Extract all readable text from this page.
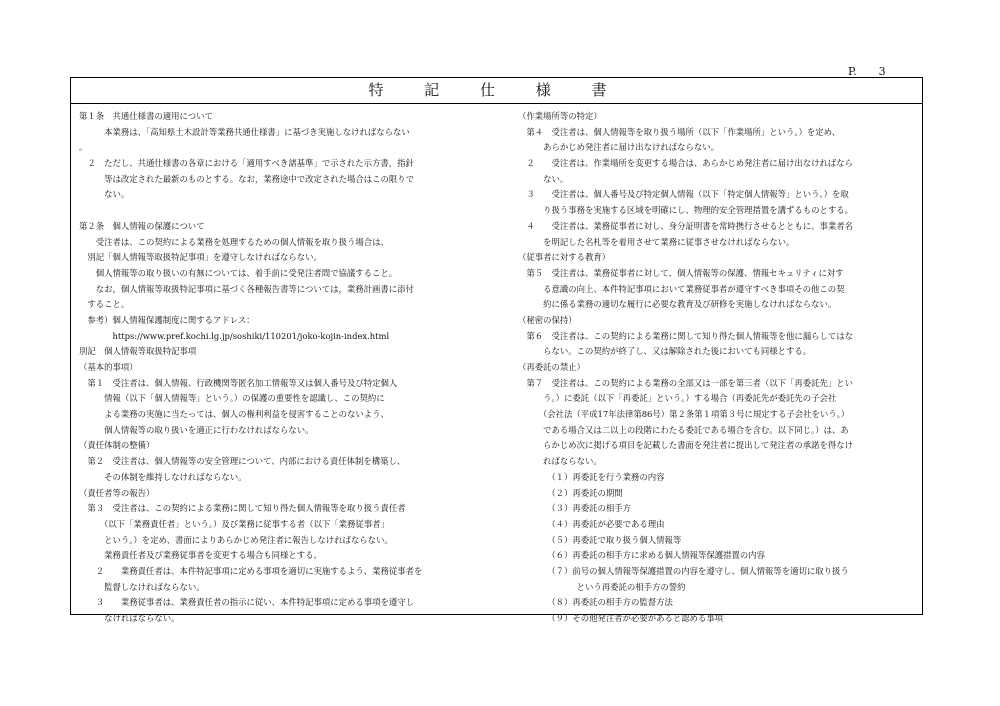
P.　　3
特 記 仕 様 書
第１条　共通仕様書の適用について
　　　本業務は、「高知県土木設計等業務共通仕様書」に基づき実施しなければならない
。
　２　ただし、共通仕様書の各章における「適用すべき諸基準」で示された示方書，指針
　　　等は改定された最新のものとする。なお，業務途中で改定された場合はこの限りで
　　　ない。
第２条　個人情報の保護について
　　受注者は、この契約による業務を処理するための個人情報を取り扱う場合は、
　別記「個人情報等取扱特記事項」を遵守しなければならない。
　　個人情報等の取り扱いの有無については、着手前に受発注者間で協議すること。
　　なお，個人情報等取扱特記事項に基づく各種報告書等については，業務計画書に添付
　すること。
　参考）個人情報保護制度に関するアドレス：
　　　　https://www.pref.kochi.lg.jp/soshiki/110201/joko-kojin-index.html
別記　個人情報等取扱特記事項
（基本的事項）
　第１　受注者は、個人情報、行政機関等匿名加工情報等又は個人番号及び特定個人
　　　情報（以下「個人情報等」という。）の保護の重要性を認識し、この契約に
　　　よる業務の実施に当たっては、個人の権利利益を侵害することのないよう、
　　　個人情報等の取り扱いを適正に行わなければならない。
（責任体制の整備）
　第２　受注者は、個人情報等の安全管理について、内部における責任体制を構築し、
　　　その体制を維持しなければならない。
（責任者等の報告）
　第３　受注者は、この契約による業務に関して知り得た個人情報等を取り扱う責任者
　　　（以下「業務責任者」という。）及び業務に従事する者（以下「業務従事者」
　　　という。）を定め、書面によりあらかじめ発注者に報告しなければならない。
　　　業務責任者及び業務従事者を変更する場合も同様とする。
　　２　　業務責任者は、本件特記事項に定める事項を適切に実施するよう、業務従事者を
　　　監督しなければならない。
　　３　　業務従事者は、業務責任者の指示に従い、本件特記事項に定める事項を遵守し
　　　なければならない。
（作業場所等の特定）
　第４　受注者は、個人情報等を取り扱う場所（以下「作業場所」という。）を定め、
　　　あらかじめ発注者に届け出なければならない。
　２　　受注者は、作業場所を変更する場合は、あらかじめ発注者に届け出なければなら
　　　ない。
　３　　受注者は、個人番号及び特定個人情報（以下「特定個人情報等」という。）を取
　　　り扱う事務を実施する区域を明確にし、物理的安全管理措置を講ずるものとする。
　４　　受注者は、業務従事者に対し、身分証明書を常時携行させるとともに、事業者名
　　　を明記した名札等を着用させて業務に従事させなければならない。
（従事者に対する教育）
　第５　受注者は、業務従事者に対して、個人情報等の保護、情報セキュリティに対す
　　　る意識の向上、本件特記事項において業務従事者が遵守すべき事項その他この契
　　　約に係る業務の適切な履行に必要な教育及び研修を実施しなければならない。
（秘密の保持）
　第６　受注者は、この契約による業務に関して知り得た個人情報等を他に漏らしてはな
　　　らない。この契約が終了し、又は解除された後においても同様とする。
（再委託の禁止）
　第７　受注者は、この契約による業務の全部又は一部を第三者（以下「再委託先」とい
　　　う。）に委託（以下「再委託」という。）する場合（再委託先が委託先の子会社
　　　（会社法（平成17年法律第86号）第２条第１項第３号に規定する子会社をいう。）
　　　である場合又は二以上の段階にわたる委託である場合を含む。以下同じ。）は、あ
　　　らかじめ次に掲げる項目を記載した書面を発注者に提出して発注者の承諾を得なけ
　　　ればならない。
　　　　（１）再委託を行う業務の内容
　　　　（２）再委託の期間
　　　　（３）再委託の相手方
　　　　（４）再委託が必要である理由
　　　　（５）再委託で取り扱う個人情報等
　　　　（６）再委託の相手方に求める個人情報等保護措置の内容
　　　　（７）前号の個人情報等保護措置の内容を遵守し、個人情報等を適切に取り扱う
　　　　　　　という再委託の相手方の誓約
　　　　（８）再委託の相手方の監督方法
　　　　（９）その他発注者が必要があると認める事項
